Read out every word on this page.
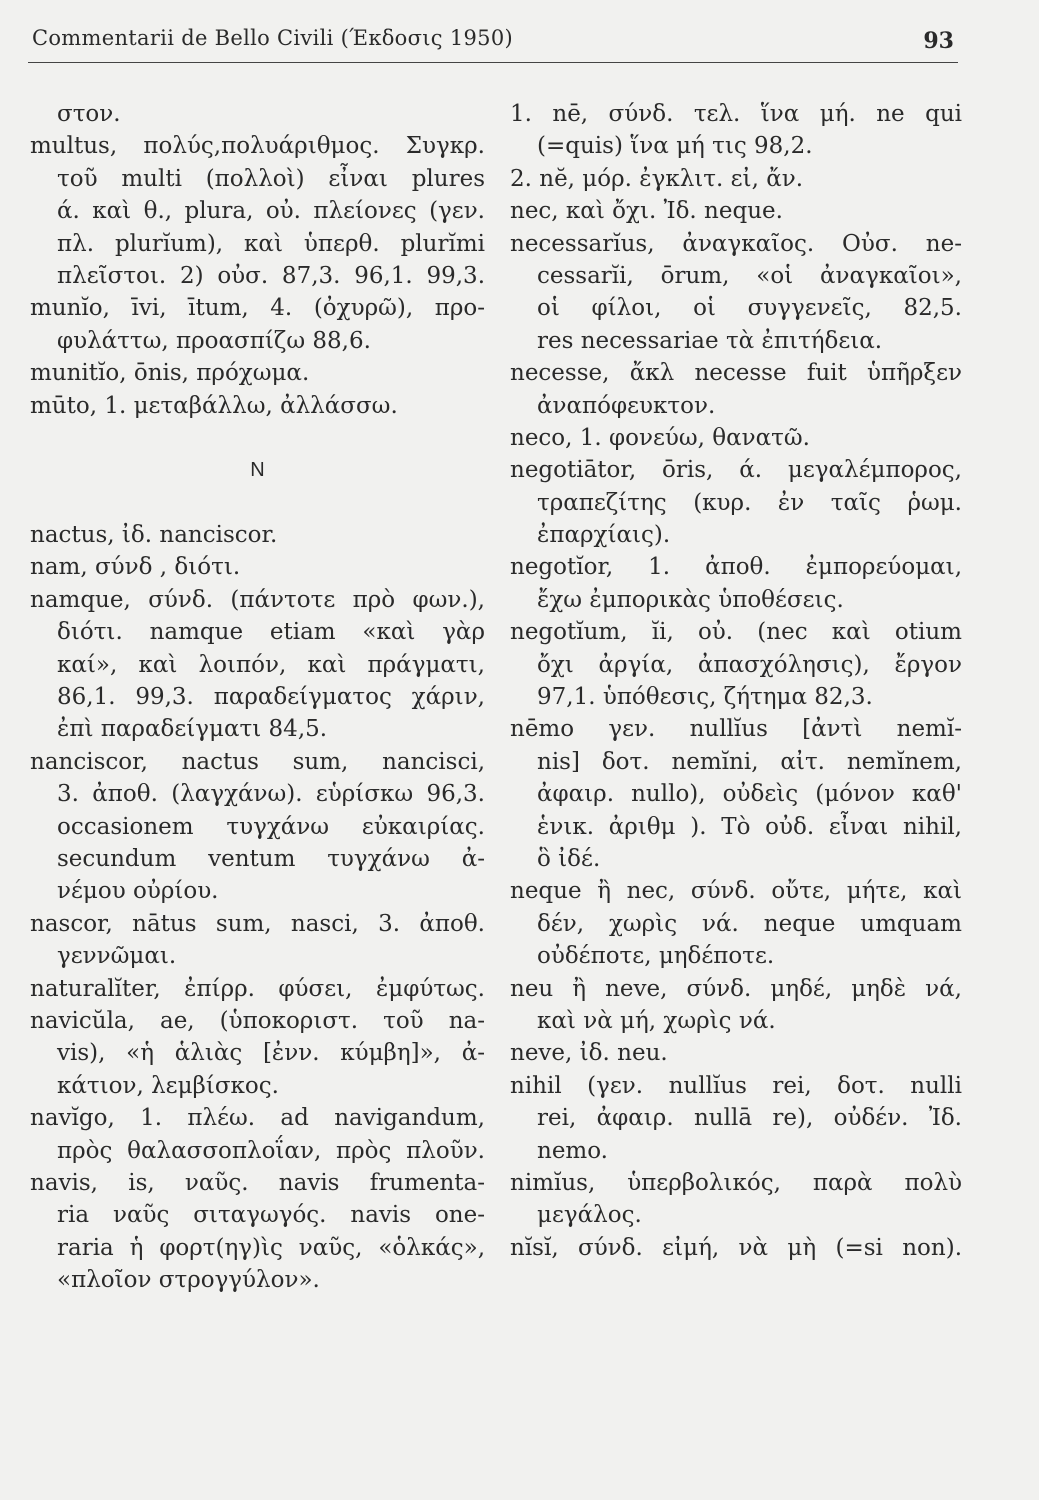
Commentarii de Bello Civili (Έκδοσις 1950)	93
στον.
multus, πολύς,πολυάριθμος. Συγκρ.
τοῦ multi (πολλοὶ) εἶναι plures
ά. καὶ θ., plura, οὐ. πλείονες (γεν.
πλ. plurĭum), καὶ ὑπερθ. plurĭmi
πλεῖστοι. 2) οὐσ. 87,3. 96,1. 99,3.
munĭo, īvi, ītum, 4. (ὀχυρῶ), προ-
φυλάττω, προασπίζω 88,6.
munitĭo, ōnis, πρόχωμα.
mūto, 1. μεταβάλλω, ἀλλάσσω.
N
nactus, ἰδ. nanciscor.
nam, σύνδ , διότι.
namque, σύνδ. (πάντοτε πρὸ φων.),
διότι. namque etiam «καὶ γὰρ
καί», καὶ λοιπόν, καὶ πράγματι,
86,1. 99,3. παραδείγματος χάριν,
ἐπὶ παραδείγματι 84,5.
nanciscor, nactus sum, nancisci,
3. ἀποθ. (λαγχάνω). εὑρίσκω 96,3.
occasionem τυγχάνω εὐκαιρίας.
secundum ventum τυγχάνω ἀ-
νέμου οὐρίου.
nascor, nātus sum, nasci, 3. ἀποθ.
γεννῶμαι.
naturalĭter, ἐπίρρ. φύσει, ἐμφύτως.
navicŭla, ae, (ὑποκοριστ. τοῦ na-
vis), «ἡ ἁλιὰς [ἐνν. κύμβη]», ἀ-
κάτιον, λεμβίσκος.
navĭgo, 1. πλέω. ad navigandum,
πρὸς θαλασσοπλοΐαν, πρὸς πλοῦν.
navis, is, ναῦς. navis frumenta-
ria ναῦς σιταγωγός. navis one-
raria ἡ φορτ(ηγ)ὶς ναῦς, «ὁλκάς»,
«πλοῖον στρογγύλον».
1. nē, σύνδ. τελ. ἵνα μή. ne qui
(=quis) ἵνα μή τις 98,2.
2. nĕ, μόρ. ἐγκλιτ. εἰ, ἄν.
nec, καὶ ὄχι. Ἰδ. neque.
necessarĭus, ἀναγκαῖος. Οὐσ. ne-
cessarĭi, ōrum, «οἱ ἀναγκαῖοι»,
οἱ φίλοι, οἱ συγγενεῖς, 82,5.
res necessariae τὰ ἐπιτήδεια.
necesse, ἄκλ necesse fuit ὑπῆρξεν
ἀναπόφευκτον.
neco, 1. φονεύω, θανατῶ.
negotiātor, ōris, ά. μεγαλέμπορος,
τραπεζίτης (κυρ. ἐν ταῖς ῥωμ.
ἐπαρχίαις).
negotĭor, 1. ἀποθ. ἐμπορεύομαι,
ἔχω ἐμπορικὰς ὑποθέσεις.
negotĭum, ĭi, οὐ. (nec καὶ otium
ὄχι ἀργία, ἀπασχόλησις), ἔργον
97,1. ὑπόθεσις, ζήτημα 82,3.
nēmo γεν. nullĭus [ἀντὶ nemĭ-
nis] δοτ. nemĭni, αἰτ. nemĭnem,
ἀφαιρ. nullo), οὐδεὶς (μόνον καθ'
ἑνικ. ἀριθμ ). Τὸ οὐδ. εἶναι nihil,
ὃ ἰδέ.
neque ἢ nec, σύνδ. οὔτε, μήτε, καὶ
δέν, χωρὶς νά. neque umquam
οὐδέποτε, μηδέποτε.
neu ἢ neve, σύνδ. μηδέ, μηδὲ νά,
καὶ νὰ μή, χωρὶς νά.
neve, ἰδ. neu.
nihil (γεν. nullĭus rei, δοτ. nulli
rei, ἀφαιρ. nullā re), οὐδέν. Ἰδ.
nemo.
nimĭus, ὑπερβολικός, παρὰ πολὺ
μεγάλος.
nĭsĭ, σύνδ. εἰμή, νὰ μὴ (=si non).
